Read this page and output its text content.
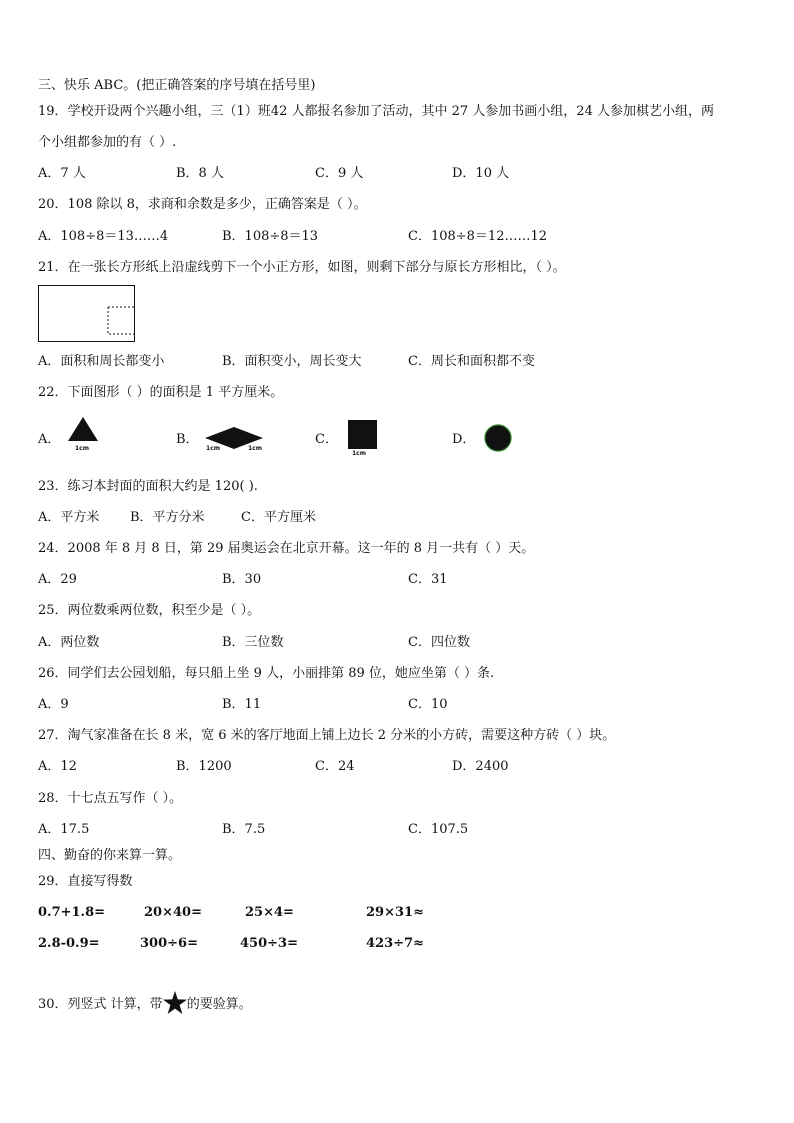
三、快乐 ABC。(把正确答案的序号填在括号里)
19．学校开设两个兴趣小组，三（1）班42 人都报名参加了活动，其中 27 人参加书画小组，24 人参加棋艺小组，两
个小组都参加的有（ ）.
A．7 人	B．8 人	C．9 人	D．10 人
20．108 除以 8，求商和余数是多少，正确答案是（ ）。
A．108÷8＝13……4	B．108÷8＝13	C．108÷8＝12……12
21．在一张长方形纸上沿虚线剪下一个小正方形，如图，则剩下部分与原长方形相比，（ ）。
A．面积和周长都变小	B．面积变小，周长变大	C．周长和面积都不变
22．下面图形（ ）的面积是 1 平方厘米。
A．
1cm
B．
1cm	1cm
C．
1cm
D．
23．练习本封面的面积大约是 120( ).
A．平方米 B．平方分米	C．平方厘米
24．2008 年 8 月 8 日，第 29 届奥运会在北京开幕。这一年的 8 月一共有（ ）天。
A．29	B．30	C．31
25．两位数乘两位数，积至少是（ ）。
A．两位数	B．三位数	C．四位数
26．同学们去公园划船，每只船上坐 9 人，小丽排第 89 位，她应坐第（ ）条.
A．9	B．11	C．10
27．淘气家准备在长 8 米，宽 6 米的客厅地面上铺上边长 2 分米的小方砖，需要这种方砖（ ）块。
A．12	B．1200	C．24	D．2400
28．十七点五写作（ ）。
A．17.5	B．7.5	C．107.5
四、勤奋的你来算一算。
29．直接写得数
0.7+1.8=	20×40=	25×4=	29×31≈
2.8-0.9=	300÷6=	450÷3=	423÷7≈
30．列竖式 计算，带 的要验算。
